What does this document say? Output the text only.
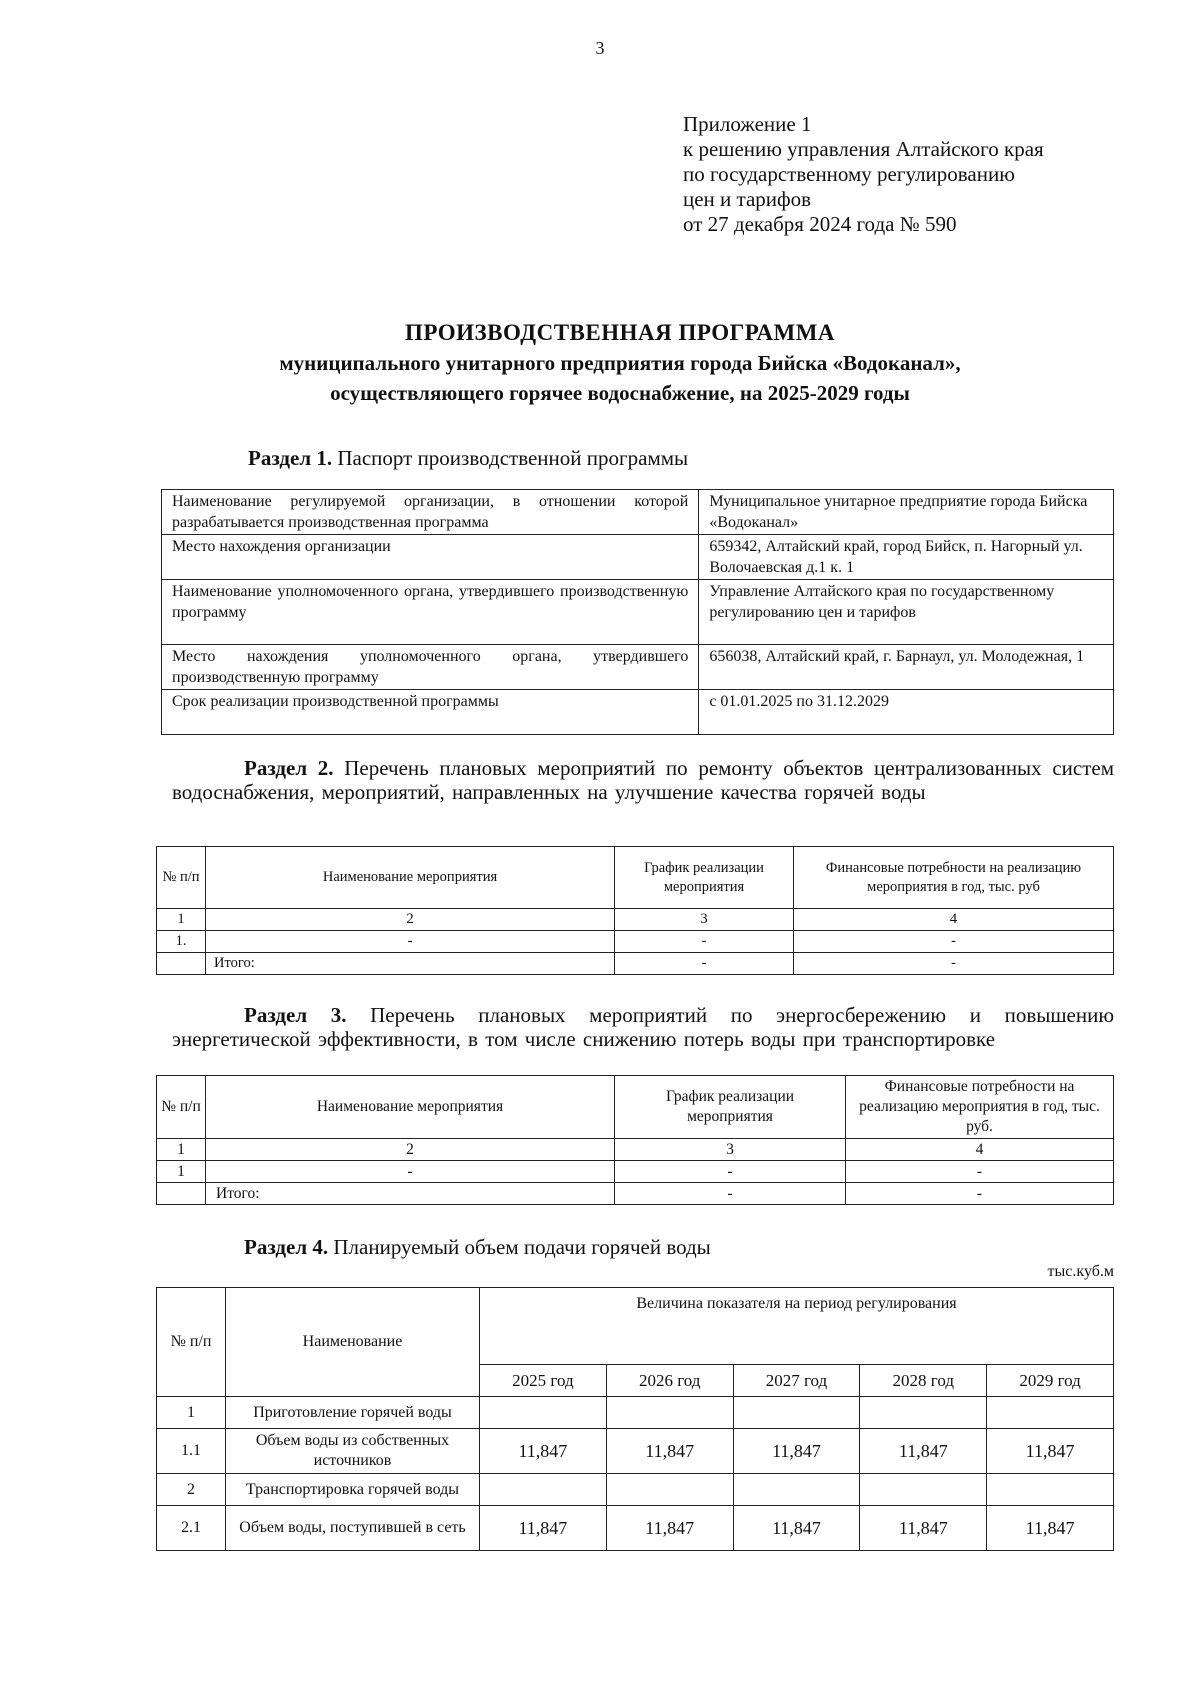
3
Приложение 1
к решению управления Алтайского края
по государственному регулированию
цен и тарифов
от 27 декабря 2024 года № 590
ПРОИЗВОДСТВЕННАЯ ПРОГРАММА
муниципального унитарного предприятия города Бийска «Водоканал»,
осуществляющего горячее водоснабжение, на 2025-2029 годы
Раздел 1. Паспорт производственной программы
Наименование регулируемой организации, в отношении которой разрабатывается производственная программа	Муниципальное унитарное предприятие города Бийска «Водоканал»
Место нахождения организации	659342, Алтайский край, город Бийск, п. Нагорный ул. Волочаевская д.1 к. 1
Наименование уполномоченного органа, утвердившего производственную программу	Управление Алтайского края по государственному регулированию цен и тарифов
Место нахождения уполномоченного органа, утвердившего производственную программу	656038, Алтайский край, г. Барнаул, ул. Молодежная, 1
Срок реализации производственной программы	с 01.01.2025 по 31.12.2029
Раздел 2. Перечень плановых мероприятий по ремонту объектов централизованных систем водоснабжения, мероприятий, направленных на улучшение качества горячей воды
№ п/п	Наименование мероприятия	График реализации мероприятия	Финансовые потребности на реализацию мероприятия в год, тыс. руб
1	2	3	4
1.	-	-	-
	Итого:	-	-
Раздел 3. Перечень плановых мероприятий по энергосбережению и повышению энергетической эффективности, в том числе снижению потерь воды при транспортировке
№ п/п	Наименование мероприятия	График реализации мероприятия	Финансовые потребности на реализацию мероприятия в год, тыс. руб.
1	2	3	4
1	-	-	-
	Итого:	-	-
Раздел 4. Планируемый объем подачи горячей воды
тыс.куб.м
№ п/п	Наименование	Величина показателя на период регулирования				
		2025 год	2026 год	2027 год	2028 год	2029 год
1	Приготовление горячей воды					
1.1	Объем воды из собственных источников	11,847	11,847	11,847	11,847	11,847
2	Транспортировка горячей воды					
2.1	Объем воды, поступившей в сеть	11,847	11,847	11,847	11,847	11,847
